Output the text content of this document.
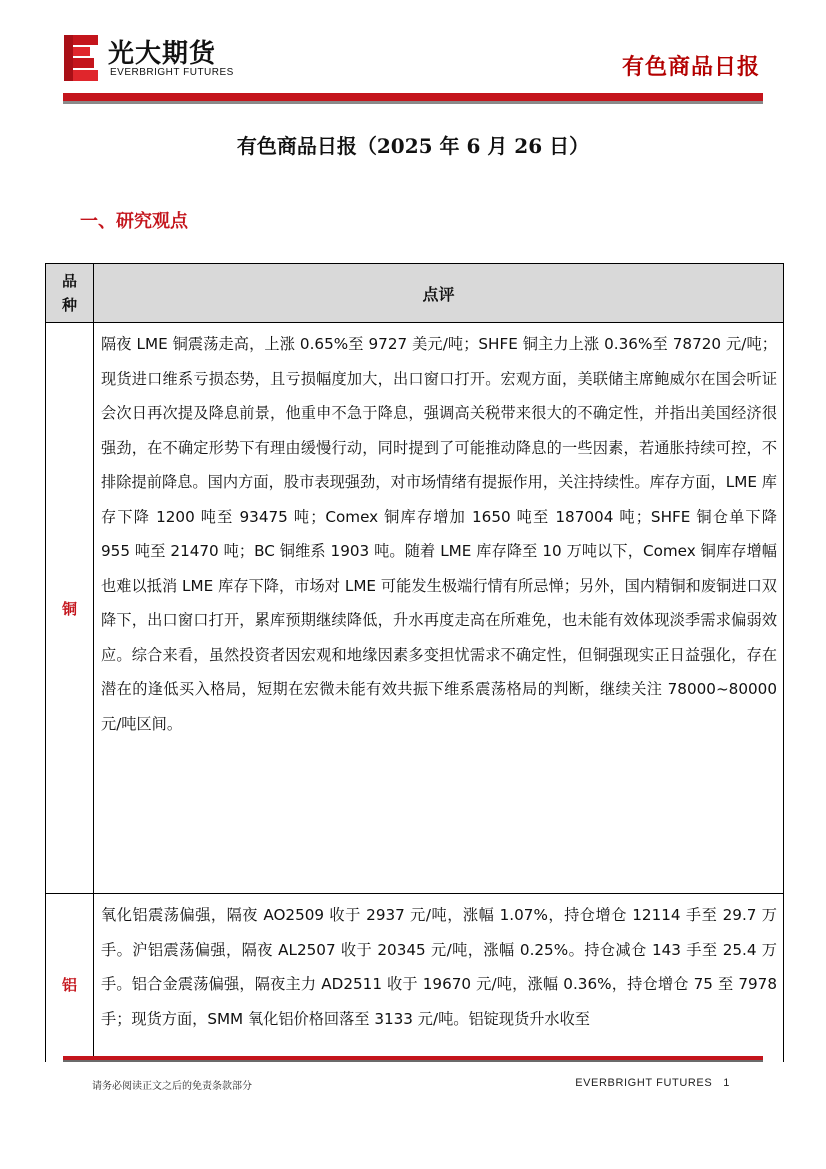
光大期货
EVERBRIGHT FUTURES	有色商品日报
有色商品日报（2025 年 6 月 26 日）
一、研究观点
品种	点评
铜	隔夜 LME 铜震荡走高，上涨 0.65%至 9727 美元/吨；SHFE 铜主力上涨 0.36%至 78720 元/吨；现货进口维系亏损态势，且亏损幅度加大，出口窗口打开。宏观方面，美联储主席鲍威尔在国会听证会次日再次提及降息前景，他重申不急于降息，强调高关税带来很大的不确定性，并指出美国经济很强劲，在不确定形势下有理由缓慢行动，同时提到了可能推动降息的一些因素，若通胀持续可控，不排除提前降息。国内方面，股市表现强劲，对市场情绪有提振作用，关注持续性。库存方面，LME 库存下降 1200 吨至 93475 吨；Comex 铜库存增加 1650 吨至 187004 吨；SHFE 铜仓单下降 955 吨至 21470 吨；BC 铜维系 1903 吨。随着 LME 库存降至 10 万吨以下，Comex 铜库存增幅也难以抵消 LME 库存下降，市场对 LME 可能发生极端行情有所忌惮；另外，国内精铜和废铜进口双降下，出口窗口打开，累库预期继续降低，升水再度走高在所难免，也未能有效体现淡季需求偏弱效应。综合来看，虽然投资者因宏观和地缘因素多变担忧需求不确定性，但铜强现实正日益强化，存在潜在的逢低买入格局，短期在宏微未能有效共振下维系震荡格局的判断，继续关注 78000~80000 元/吨区间。
铝	氧化铝震荡偏强，隔夜 AO2509 收于 2937 元/吨，涨幅 1.07%，持仓增仓 12114 手至 29.7 万手。沪铝震荡偏强，隔夜 AL2507 收于 20345 元/吨，涨幅 0.25%。持仓减仓 143 手至 25.4 万手。铝合金震荡偏强，隔夜主力 AD2511 收于 19670 元/吨，涨幅 0.36%，持仓增仓 75 至 7978 手；现货方面，SMM 氧化铝价格回落至 3133 元/吨。铝锭现货升水收至
请务必阅读正文之后的免责条款部分	EVERBRIGHT FUTURES 1
